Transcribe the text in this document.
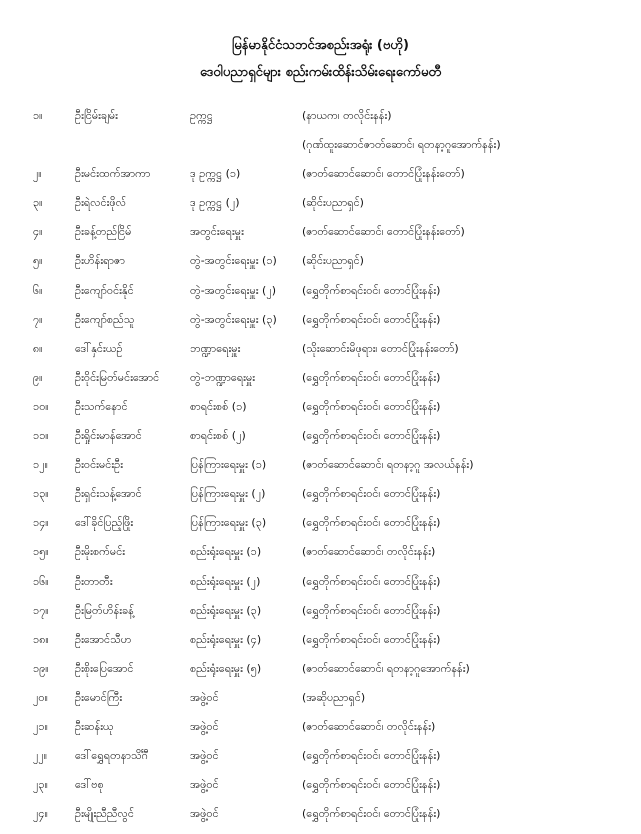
မြန်မာနိုင်ငံသဘင်အစည်းအရုံး (ဗဟို)
ဒေဝါပညာရှင်များ စည်းကမ်းထိန်းသိမ်းရေးကော်မတီ
၁။	ဦးငြိမ်းချမ်း	ဥက္ကဋ္ဌ	(နာယက၊ တလိုင်းနန်း)
(ဂုဏ်ထူးဆောင်ဇာတ်ဆောင်၊ ရတနာ့ဂူအောက်နန်း)
၂။	ဦးမင်းထက်အာကာ	ဒု ဥက္ကဋ္ဌ (၁)	(ဇာတ်ဆောင်ဆောင်၊ တောင်ပြုံးနန်းတော်)
၃။	ဦးရဲလင်းဖိုလ်	ဒု ဥက္ကဋ္ဌ (၂)	(ဆိုင်းပညာရှင်)
၄။	ဦးခန့်တည်ငြိမ်	အတွင်းရေးမှူး	(ဇာတ်ဆောင်ဆောင်၊ တောင်ပြုံးနန်းတော်)
၅။	ဦးဟိန်းရာဇာ	တွဲ-အတွင်းရေးမှူး (၁)	(ဆိုင်းပညာရှင်)
၆။	ဦးကျော်ဝင်းနိုင်	တွဲ-အတွင်းရေးမှူး (၂)	(ရွှေတိုက်စာရင်းဝင်၊ တောင်ပြုံးနန်း)
၇။	ဦးကျော်စည်သူ	တွဲ-အတွင်းရေးမှူး (၃)	(ရွှေတိုက်စာရင်းဝင်၊ တောင်ပြုံးနန်း)
၈။	ဒေါ်နှင်းယဉ်	ဘဏ္ဍာရေးမှူး	(သိုးဆောင်းမိဖုရား၊ တောင်ပြုံးနန်းတော်)
၉။	ဦးဝိုင်းမြတ်မင်းအောင်	တွဲ-ဘဏ္ဍာရေးမှူး	(ရွှေတိုက်စာရင်းဝင်၊ တောင်ပြုံးနန်း)
၁၀။	ဦးသက်နောင်	စာရင်းစစ် (၁)	(ရွှေတိုက်စာရင်းဝင်၊ တောင်ပြုံးနန်း)
၁၁။	ဦးရှိုင်းမာန်အောင်	စာရင်းစစ် (၂)	(ရွှေတိုက်စာရင်းဝင်၊ တောင်ပြုံးနန်း)
၁၂။	ဦးဝင်းမင်းဦး	ပြန်ကြားရေးမှူး (၁)	(ဇာတ်ဆောင်ဆောင်၊ ရတနာ့ဂူ အလယ်နန်း)
၁၃။	ဦးရှင်းသန့်အောင်	ပြန်ကြားရေးမှူး (၂)	(ရွှေတိုက်စာရင်းဝင်၊ တောင်ပြုံးနန်း)
၁၄။	ဒေါ်ခိုင်ပြည့်ဖြိုး	ပြန်ကြားရေးမှူး (၃)	(ရွှေတိုက်စာရင်းဝင်၊ တောင်ပြုံးနန်း)
၁၅။	ဦးမိုးစက်မင်း	စည်းရုံးရေးမှူး (၁)	(ဇာတ်ဆောင်ဆောင်၊ တလိုင်းနန်း)
၁၆။	ဦးတာတီး	စည်းရုံးရေးမှူး (၂)	(ရွှေတိုက်စာရင်းဝင်၊ တောင်ပြုံးနန်း)
၁၇။	ဦးမြတ်ဟိန်းခန့်	စည်းရုံးရေးမှူး (၃)	(ရွှေတိုက်စာရင်းဝင်၊ တောင်ပြုံးနန်း)
၁၈။	ဦးအောင်သီဟ	စည်းရုံးရေးမှူး (၄)	(ရွှေတိုက်စာရင်းဝင်၊ တောင်ပြုံးနန်း)
၁၉။	ဦးစိုးပြေအောင်	စည်းရုံးရေးမှူး (၅)	(ဇာတ်ဆောင်ဆောင်၊ ရတနာ့ဂူအောက်နန်း)
၂၀။	ဦးမောင်ကြီး	အဖွဲ့ဝင်	(အဆိုပညာရှင်)
၂၁။	ဦးဆန်းယု	အဖွဲ့ဝင်	(ဇာတ်ဆောင်ဆောင်၊ တလိုင်းနန်း)
၂၂။	ဒေါ်ရွှေရတနာသိင်္ဂီ	အဖွဲ့ဝင်	(ရွှေတိုက်စာရင်းဝင်၊ တောင်ပြုံးနန်း)
၂၃။	ဒေါ်ဗစု	အဖွဲ့ဝင်	(ရွှေတိုက်စာရင်းဝင်၊ တောင်ပြုံးနန်း)
၂၄။	ဦးမျိုးညီညီလွင်	အဖွဲ့ဝင်	(ရွှေတိုက်စာရင်းဝင်၊ တောင်ပြုံးနန်း)
